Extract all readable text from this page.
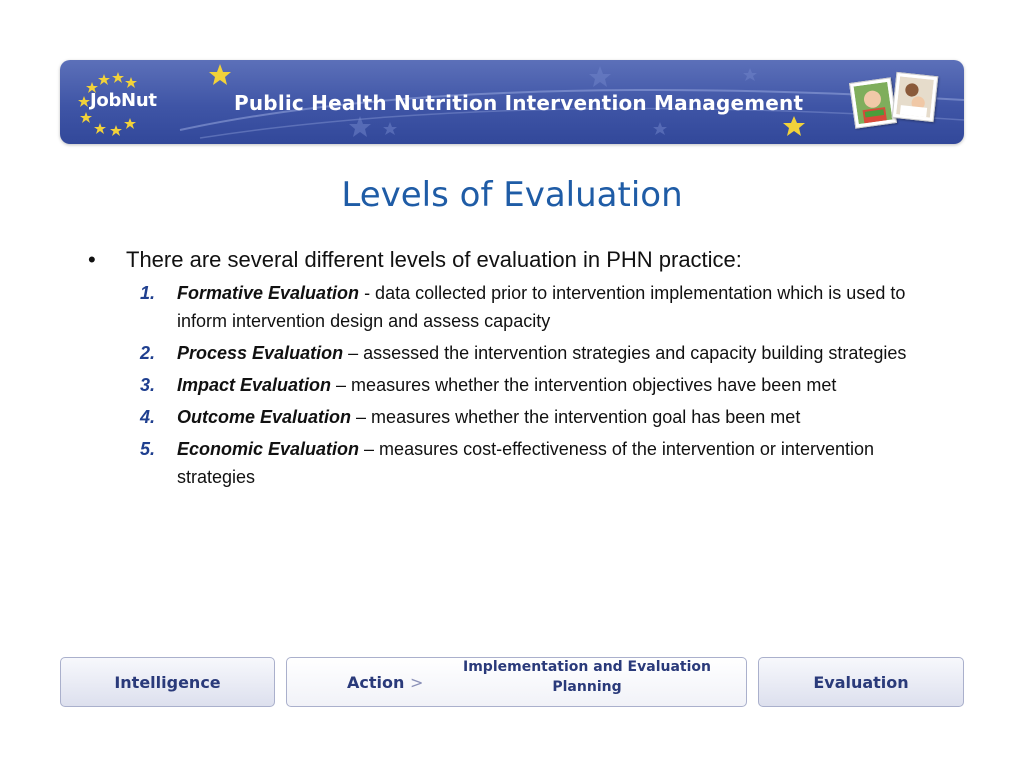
JobNut	Public Health Nutrition Intervention Management
Levels of Evaluation
•	There are several different levels of evaluation in PHN practice:
1.	Formative Evaluation - data collected prior to intervention implementation which is used to inform intervention design and assess capacity
2.	Process Evaluation – assessed the intervention strategies and capacity building strategies
3.	Impact Evaluation – measures whether the intervention objectives have been met
4.	Outcome Evaluation – measures whether the intervention goal has been met
5.	Economic Evaluation – measures cost-effectiveness of the intervention or intervention strategies
Intelligence	Action >
Implementation and Evaluation Planning	Evaluation
